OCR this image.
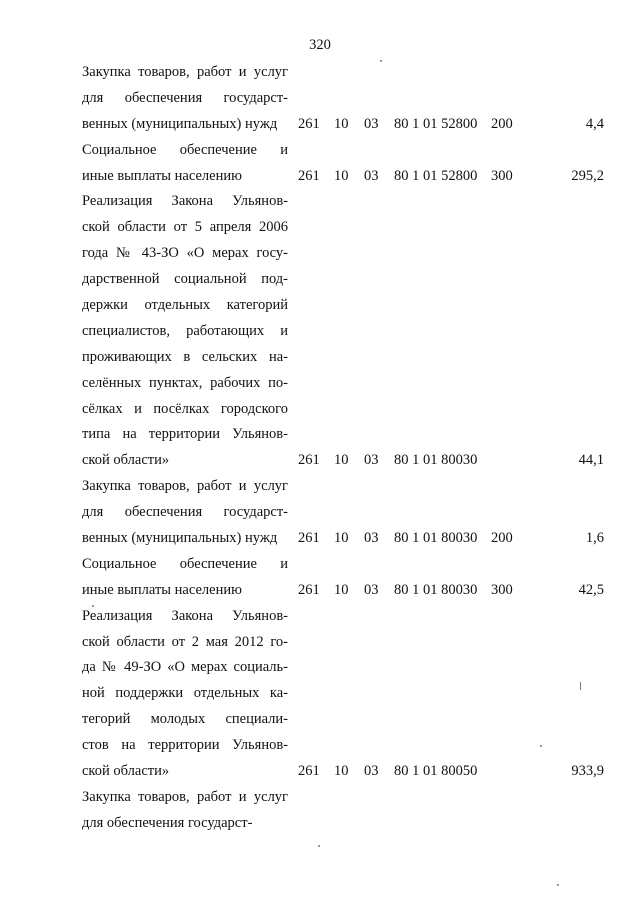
320
Закупка товаров, работ и услуг
для обеспечения государст-
венных (муниципальных) нужд	261 10 03 80 1 01 52800 200	4,4
Социальное обеспечение и
иные выплаты населению	261 10 03 80 1 01 52800 300	295,2
Реализация Закона Ульянов-
ской области от 5 апреля 2006
года № 43-ЗО «О мерах госу-
дарственной социальной под-
держки отдельных категорий
специалистов, работающих и
проживающих в сельских на-
селённых пунктах, рабочих по-
сёлках и посёлках городского
типа на территории Ульянов-
ской области»	261 10 03 80 1 01 80030	44,1
Закупка товаров, работ и услуг
для обеспечения государст-
венных (муниципальных) нужд	261 10 03 80 1 01 80030 200	1,6
Социальное обеспечение и
иные выплаты населению	261 10 03 80 1 01 80030 300	42,5
Реализация Закона Ульянов-
ской области от 2 мая 2012 го-
да № 49-ЗО «О мерах социаль-
ной поддержки отдельных ка-
тегорий молодых специали-
стов на территории Ульянов-
ской области»	261 10 03 80 1 01 80050	933,9
Закупка товаров, работ и услуг
для обеспечения государст-
